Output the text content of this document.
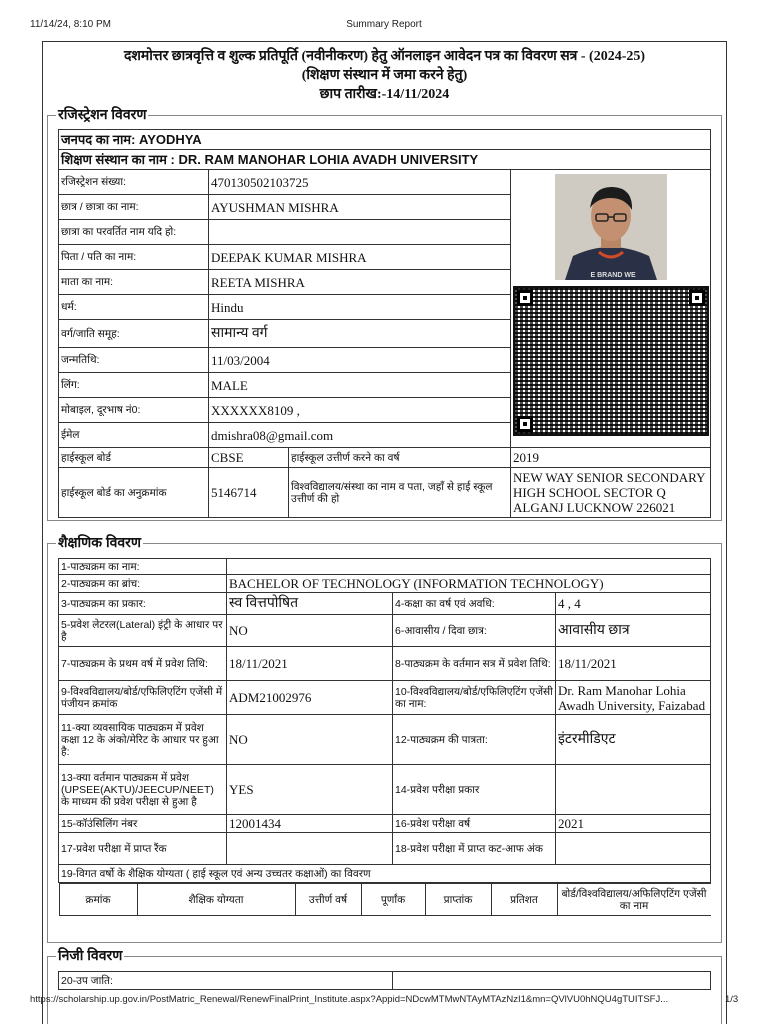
11/14/24, 8:10 PM	Summary Report
दशमोत्तर छात्रवृत्ति व शुल्क प्रतिपूर्ति (नवीनीकरण) हेतु ऑनलाइन आवेदन पत्र का विवरण सत्र - (2024-25)
(शिक्षण संस्थान में जमा करने हेतु)
छाप तारीख:-14/11/2024
रजिस्ट्रेशन विवरण
जनपद का नाम: AYODHYA			
शिक्षण संस्थान का नाम : DR. RAM MANOHAR LOHIA AVADH UNIVERSITY			
रजिस्ट्रेशन संख्या:	470130502103725		E BRAND WE

छात्र / छात्रा का नाम:	AYUSHMAN MISHRA		
छात्रा का परवर्तित नाम यदि हो:			
पिता / पति का नाम:	DEEPAK KUMAR MISHRA		
माता का नाम:	REETA MISHRA		
धर्म:	Hindu		
वर्ग/जाति समूह:	सामान्य वर्ग		
जन्मतिथि:	11/03/2004		
लिंग:	MALE		
मोबाइल, दूरभाष नं0:	XXXXXX8109 ,		
ईमेल	dmishra08@gmail.com		
हाईस्कूल बोर्ड	CBSE	हाईस्कूल उत्तीर्ण करने का वर्ष	2019
हाईस्कूल बोर्ड का अनुक्रमांक	5146714	विश्वविद्यालय/संस्था का नाम व पता, जहाँ से हाई स्कूल उत्तीर्ण की हो	NEW WAY SENIOR SECONDARY HIGH SCHOOL SECTOR Q ALGANJ LUCKNOW 226021
शैक्षणिक विवरण
1-पाठ्यक्रम का नाम:	
2-पाठ्यक्रम का ब्रांच:	BACHELOR OF TECHNOLOGY (INFORMATION TECHNOLOGY)
3-पाठ्यक्रम का प्रकार:	स्व वित्तपोषित	4-कक्षा का वर्ष एवं अवधि:	4 , 4
5-प्रवेश लेटरल(Lateral) इंट्री के आधार पर है	NO	6-आवासीय / दिवा छात्र:	आवासीय छात्र
7-पाठ्यक्रम के प्रथम वर्ष में प्रवेश तिथि:	18/11/2021	8-पाठ्यक्रम के वर्तमान सत्र में प्रवेश तिथि:	18/11/2021
9-विश्वविद्यालय/बोर्ड/एफिलिएटिंग एजेंसी में पंजीयन क्रमांक	ADM21002976	10-विश्वविद्यालय/बोर्ड/एफिलिएटिंग एजेंसी का नाम:	Dr. Ram Manohar Lohia Awadh University, Faizabad
11-क्या व्यवसायिक पाठ्यक्रम में प्रवेश कक्षा 12 के अंको/मेरिट के आधार पर हुआ है:	NO	12-पाठ्यक्रम की पात्रता:	इंटरमीडिएट
13-क्या वर्तमान पाठ्यक्रम में प्रवेश (UPSEE(AKTU)/JEECUP/NEET) के माध्यम की प्रवेश परीक्षा से हुआ है	YES	14-प्रवेश परीक्षा प्रकार	
15-कॉउंसिलिंग नंबर	12001434	16-प्रवेश परीक्षा वर्ष	2021
17-प्रवेश परीक्षा में प्राप्त रैंक		18-प्रवेश परीक्षा में प्राप्त कट-आफ अंक	
19-विगत वर्षो के शैक्षिक योग्यता ( हाई स्कूल एवं अन्य उच्चतर कक्षाओं) का विवरण

क्रमांक	शैक्षिक योग्यता	उत्तीर्ण वर्ष	पूर्णांक	प्राप्तांक	प्रतिशत	बोर्ड/विश्वविद्यालय/अफिलिएटिंग एजेंसी का नाम
निजी विवरण
20-उप जाति:	
https://scholarship.up.gov.in/PostMatric_Renewal/RenewFinalPrint_Institute.aspx?Appid=NDcwMTMwNTAyMTAzNzI1&mn=QVlVU0hNQU4gTUITSFJ...	1/3
